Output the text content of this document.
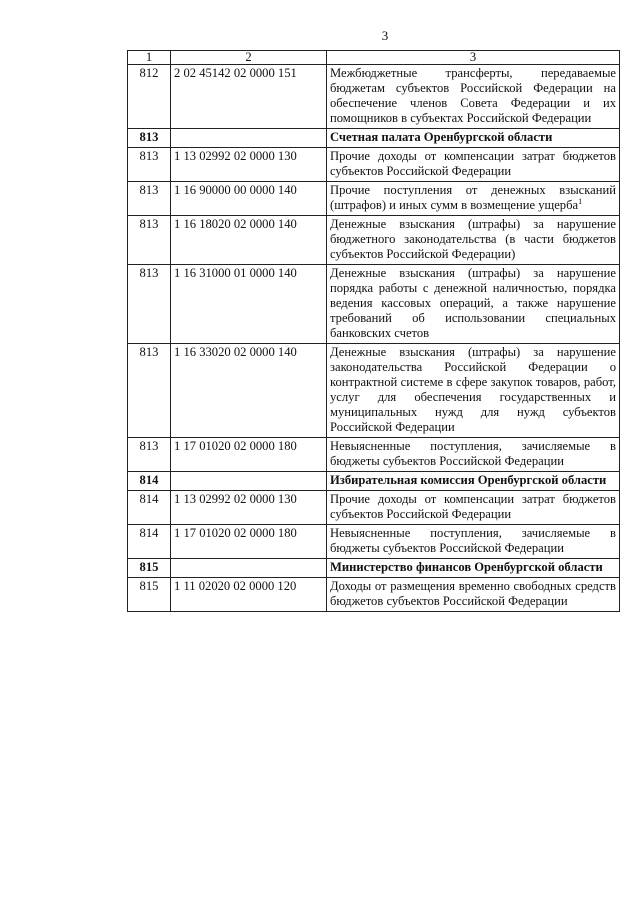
3
1	2	3
812	2 02 45142 02 0000 151	Межбюджетные трансферты, передаваемые бюджетам субъектов Российской Федерации на обеспечение членов Совета Федерации и их помощников в субъектах Российской Федерации
813		Счетная палата Оренбургской области
813	1 13 02992 02 0000 130	Прочие доходы от компенсации затрат бюджетов субъектов Российской Федерации
813	1 16 90000 00 0000 140	Прочие поступления от денежных взысканий (штрафов) и иных сумм в возмещение ущерба$^1$
813	1 16 18020 02 0000 140	Денежные взыскания (штрафы) за нарушение бюджетного законодательства (в части бюджетов субъектов Российской Федерации)
813	1 16 31000 01 0000 140	Денежные взыскания (штрафы) за нарушение порядка работы с денежной наличностью, порядка ведения кассовых операций, а также нарушение требований об использовании специальных банковских счетов
813	1 16 33020 02 0000 140	Денежные взыскания (штрафы) за нарушение законодательства Российской Федерации о контрактной системе в сфере закупок товаров, работ, услуг для обеспечения государственных и муниципальных нужд для нужд субъектов Российской Федерации
813	1 17 01020 02 0000 180	Невыясненные поступления, зачисляемые в бюджеты субъектов Российской Федерации
814		Избирательная комиссия Оренбургской области
814	1 13 02992 02 0000 130	Прочие доходы от компенсации затрат бюджетов субъектов Российской Федерации
814	1 17 01020 02 0000 180	Невыясненные поступления, зачисляемые в бюджеты субъектов Российской Федерации
815		Министерство финансов Оренбургской области
815	1 11 02020 02 0000 120	Доходы от размещения временно свободных средств бюджетов субъектов Российской Федерации
